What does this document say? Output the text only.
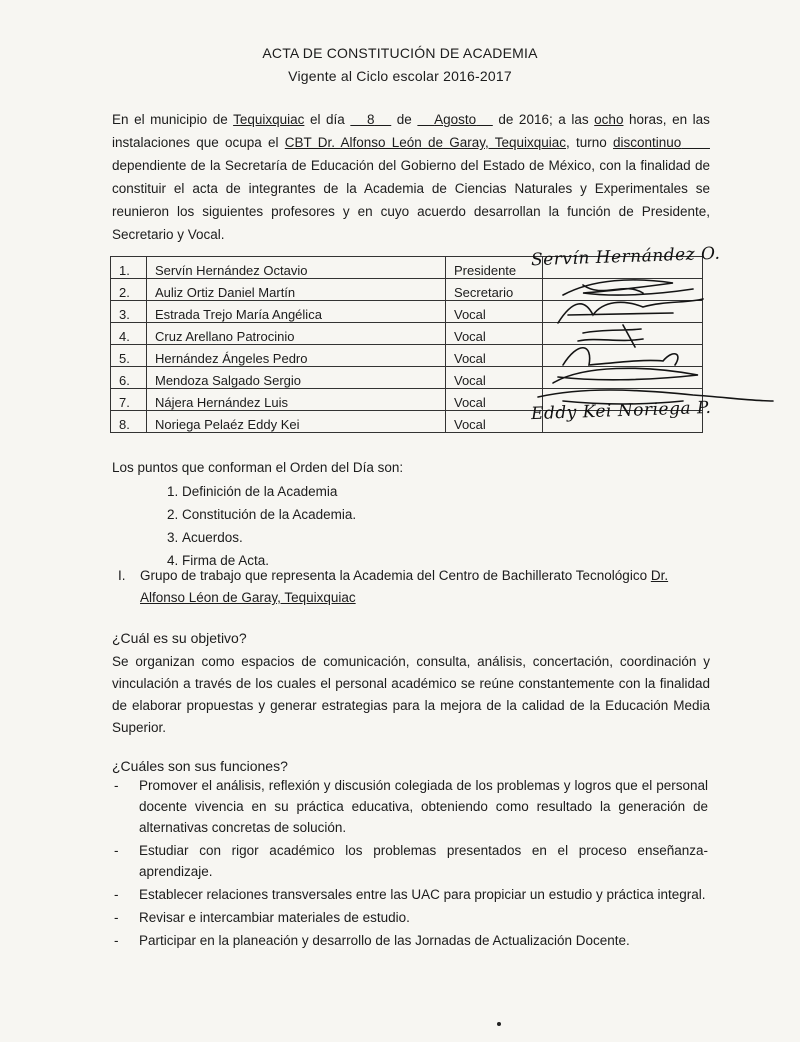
ACTA DE CONSTITUCIÓN DE ACADEMIA

Vigente al Ciclo escolar 2016-2017

En el municipio de Tequixquiac el día 8 de Agosto de 2016; a las ocho horas, en las instalaciones que ocupa el CBT Dr. Alfonso León de Garay, Tequixquiac, turno discontinuo      dependiente de la Secretaría de Educación del Gobierno del Estado de México, con la finalidad de constituir el acta de integrantes de la Academia de Ciencias Naturales y Experimentales se reunieron los siguientes profesores y en cuyo acuerdo desarrollan la función de Presidente, Secretario y Vocal.

1.	Servín Hernández Octavio	Presidente	Servín Hernández O.

2.	Auliz Ortiz Daniel Martín	Secretario	

3.	Estrada Trejo María Angélica	Vocal	

4.	Cruz Arellano Patrocinio	Vocal	

5.	Hernández Ángeles Pedro	Vocal	

6.	Mendoza Salgado Sergio	Vocal	

7.	Nájera Hernández Luis	Vocal	

8.	Noriega Pelaéz Eddy Kei	Vocal	Eddy Kei Noriega P.

Los puntos que conforman el Orden del Día son:

1. Definición de la Academia
2. Constitución de la Academia.
3. Acuerdos.
4. Firma de Acta.
I. Grupo de trabajo que representa la Academia del Centro de Bachillerato Tecnológico Dr. Alfonso Léon de Garay, Tequixquiac

¿Cuál es su objetivo?

Se organizan como espacios de comunicación, consulta, análisis, concertación, coordinación y vinculación a través de los cuales el personal académico se reúne constantemente con la finalidad de elaborar propuestas y generar estrategias para la mejora de la calidad de la Educación Media Superior.

¿Cuáles son sus funciones?

- Promover el análisis, reflexión y discusión colegiada de los problemas y logros que el personal docente vivencia en su práctica educativa, obteniendo como resultado la generación de alternativas concretas de solución.
- Estudiar con rigor académico los problemas presentados en el proceso enseñanza-aprendizaje.
- Establecer relaciones transversales entre las UAC para propiciar un estudio y práctica integral.
- Revisar e intercambiar materiales de estudio.
- Participar en la planeación y desarrollo de las Jornadas de Actualización Docente.
